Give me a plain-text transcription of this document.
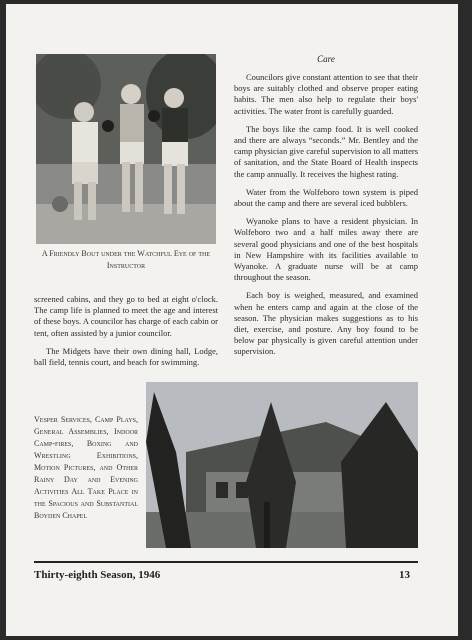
A Friendly Bout under the Watchful Eye of the Instructor

screened cabins, and they go to bed at eight o'clock. The camp life is planned to meet the age and interest of these boys. A councilor has charge of each cabin or tent, often assisted by a junior councilor.

The Midgets have their own dining hall, Lodge, ball field, tennis court, and beach for swimming.

Care

Councilors give constant attention to see that their boys are suitably clothed and observe proper eating habits. The men also help to regulate their boys' activities. The water front is carefully guarded.

The boys like the camp food. It is well cooked and there are always “seconds.” Mr. Bentley and the camp physician give careful supervision to all matters of sanitation, and the State Board of Health inspects the camp annually. It receives the highest rating.

Water from the Wolfeboro town system is piped about the camp and there are several iced bubblers.

Wyanoke plans to have a resident physician. In Wolfeboro two and a half miles away there are several good physicians and one of the best hospitals in New Hampshire with its facilities available to Wyanoke. A graduate nurse will be at camp throughout the season.

Each boy is weighed, measured, and examined when he enters camp and again at the close of the season. The physician makes suggestions as to his diet, exercise, and posture. Any boy found to be below par physically is given careful attention under supervision.

Vesper Services, Camp Plays, General Assemblies, Indoor Camp-fires, Boxing and Wrestling Exhibitions, Motion Pictures, and Other Rainy Day and Evening Activities All Take Place in the Spacious and Substantial Boyden Chapel
Thirty-eighth Season, 1946	13
